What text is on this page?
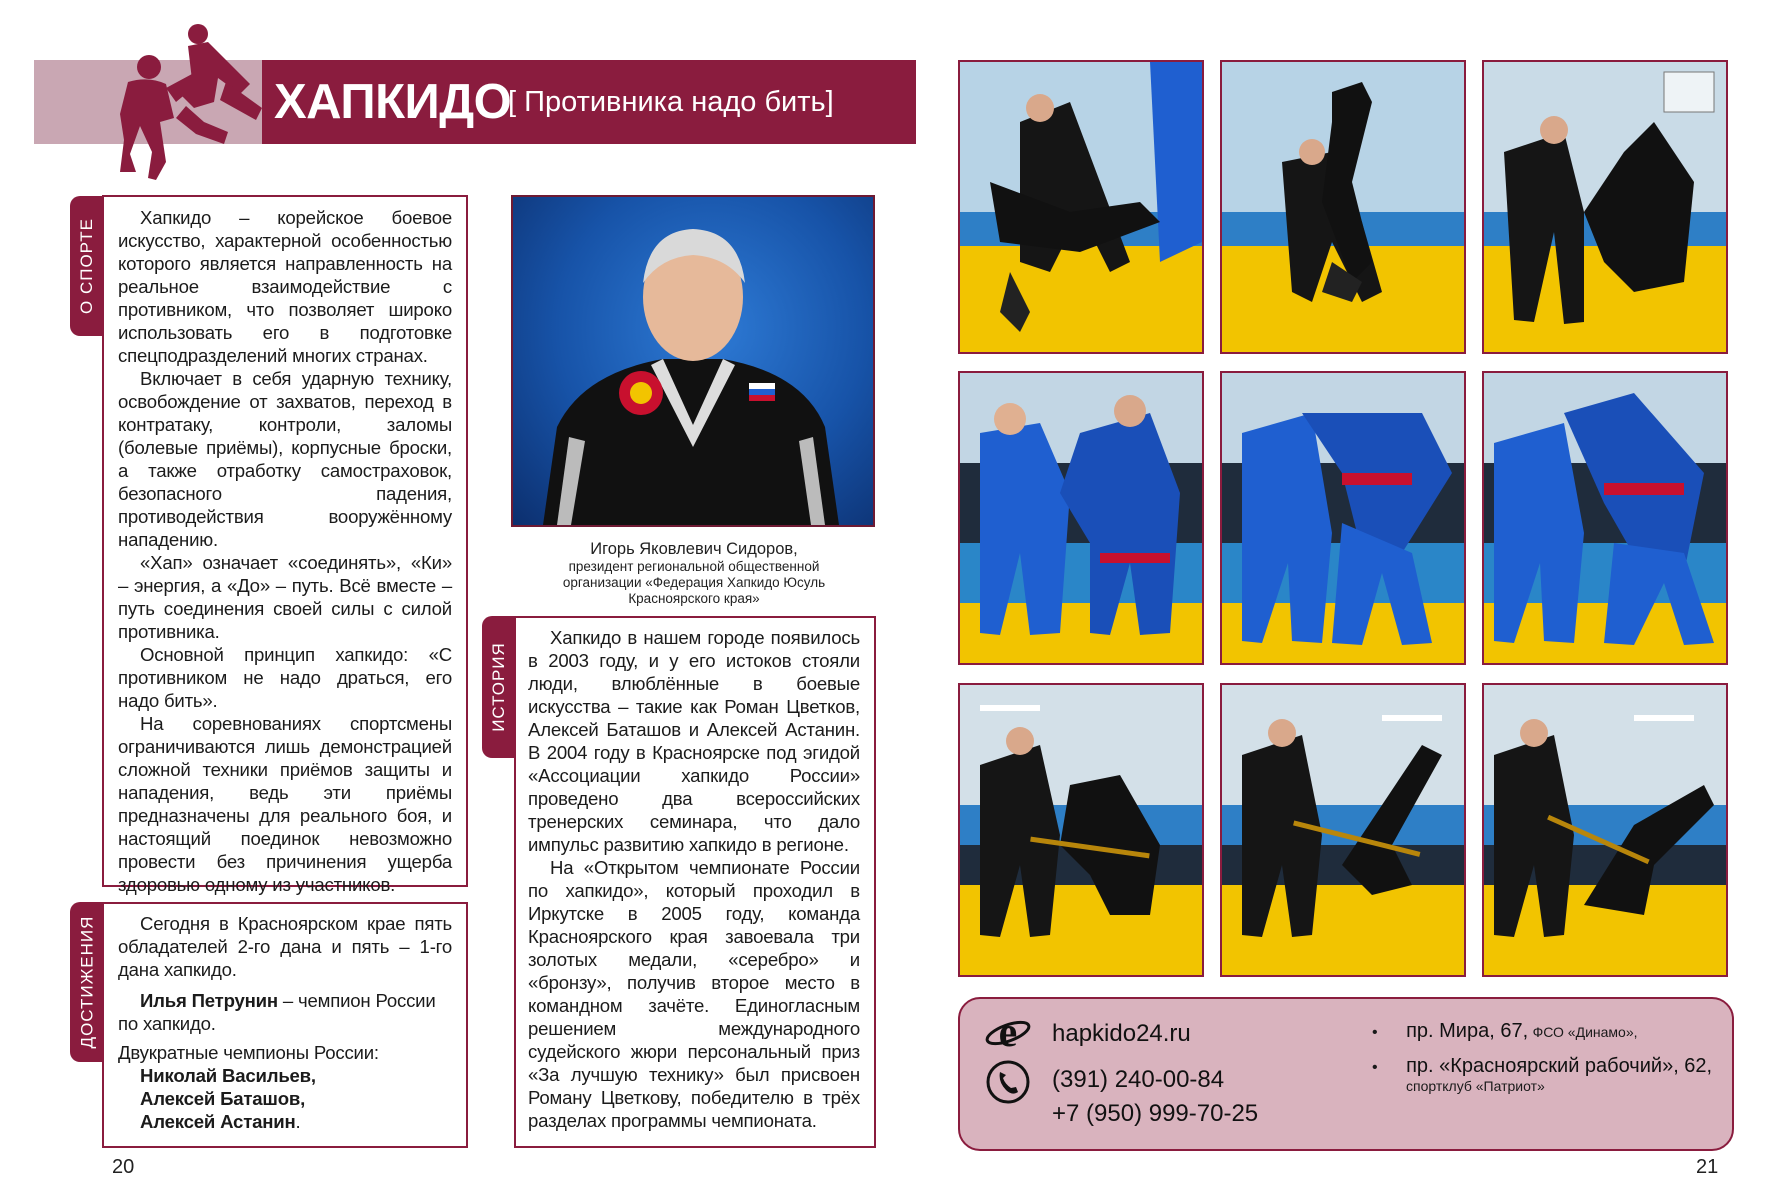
ХАПКИДО
[ Противника надо бить]
О СПОРТЕ

Хапкидо – корейское боевое искусство, характерной особенностью которого является направленность на реальное взаимодействие с противником, что позволяет широко использовать его в подготовке спецподразделений многих странах.

Включает в себя ударную технику, освобождение от захватов, переход в контратаку, контроли, заломы (болевые приёмы), корпусные броски, а также отработку самостраховок, безопасного падения, противодействия вооружённому нападению.

«Хап» означает «соединять», «Ки» – энергия, а «До» – путь. Всё вместе – путь соединения своей силы с силой противника.

Основной принцип хапкидо: «С противником не надо драться, его надо бить».

На соревнованиях спортсмены ограничиваются лишь демонстрацией сложной техники приёмов защиты и нападения, ведь эти приёмы предназначены для реального боя, и настоящий поединок невозможно провести без причинения ущерба здоровью одному из участников.

ДОСТИЖЕНИЯ	Сегодня в Красноярском крае пять обладателей 2-го дана и пять – 1-го дана хапкидо.

Илья Петрунин – чемпион России по хапкидо.

Двукратные чемпионы России:

Николай Васильев,
Алексей Баташов,
Алексей Астанин.
Игорь Яковлевич Сидоров,
президент региональной общественной организации «Федерация Хапкидо Юсуль Красноярского края»
ИСТОРИЯ

Хапкидо в нашем городе появилось в 2003 году, и у его истоков стояли люди, влюблённые в боевые искусства – такие как Роман Цветков, Алексей Баташов и Алексей Астанин. В 2004 году в Красноярске под эгидой «Ассоциации хапкидо России» проведено два всероссийских тренерских семинара, что дало импульс развитию хапкидо в регионе.

На «Открытом чемпионате России по хапкидо», который проходил в Иркутске в 2005 году, команда Красноярского края завоевала три золотых медали, «серебро» и «бронзу», получив второе место в командном зачёте. Единогласным решением международного судейского жюри персональный приз «За лучшую технику» был присвоен Роману Цветкову, победителю в трёх разделах программы чемпионата.

e hapkido24.ru
(391) 240-00-84
+7 (950) 999-70-25
• пр. Мира, 67, ФСО «Динамо»,
• пр. «Красноярский рабочий», 62,
спортклуб «Патриот»
20	21
